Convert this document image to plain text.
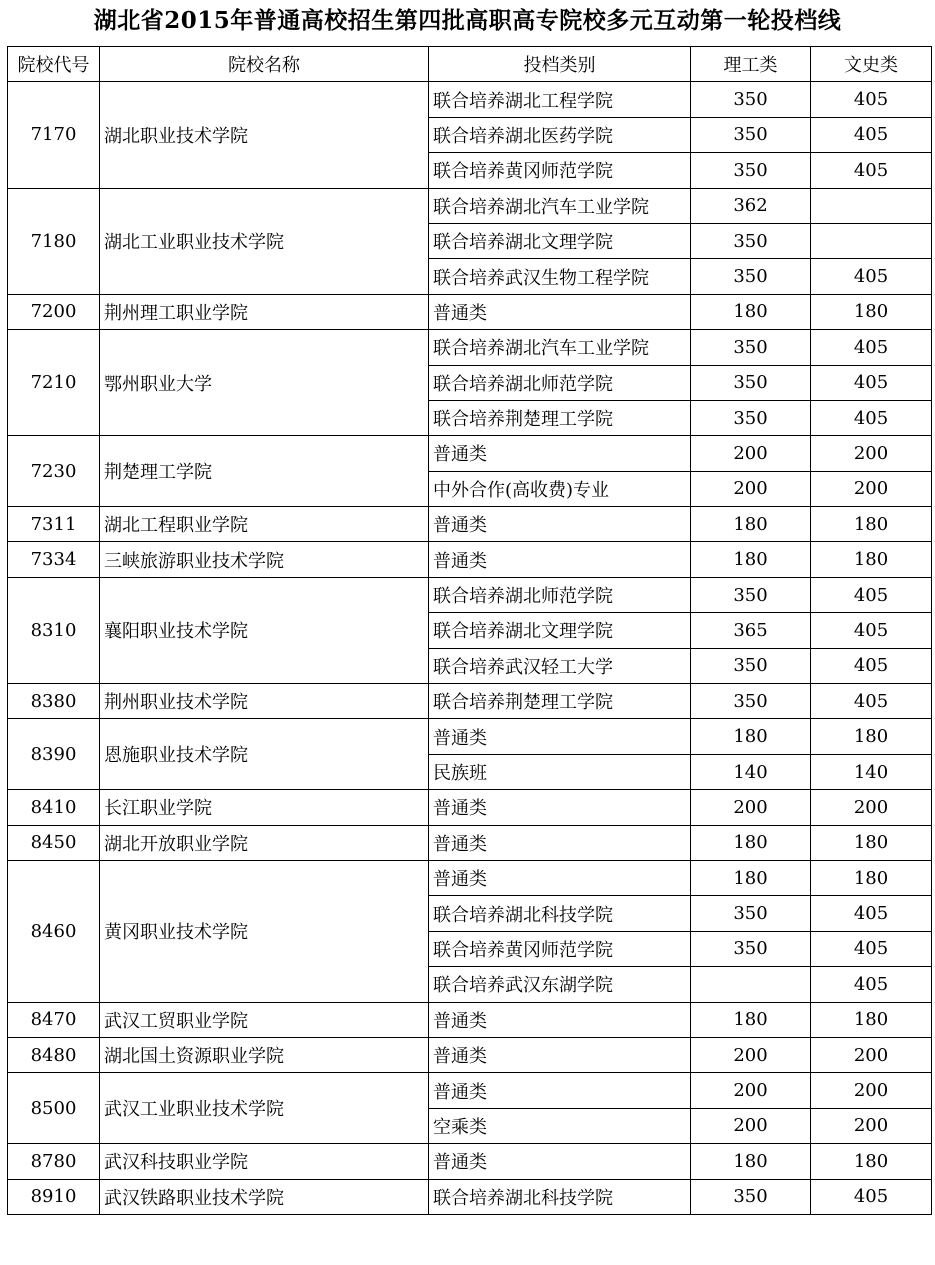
湖北省2015年普通高校招生第四批高职高专院校多元互动第一轮投档线
院校代号	院校名称	投档类别	理工类	文史类
7170	湖北职业技术学院	联合培养湖北工程学院	350	405
		联合培养湖北医药学院	350	405
		联合培养黄冈师范学院	350	405
7180	湖北工业职业技术学院	联合培养湖北汽车工业学院	362	
		联合培养湖北文理学院	350	
		联合培养武汉生物工程学院	350	405
7200	荆州理工职业学院	普通类	180	180
7210	鄂州职业大学	联合培养湖北汽车工业学院	350	405
		联合培养湖北师范学院	350	405
		联合培养荆楚理工学院	350	405
7230	荆楚理工学院	普通类	200	200
		中外合作(高收费)专业	200	200
7311	湖北工程职业学院	普通类	180	180
7334	三峡旅游职业技术学院	普通类	180	180
8310	襄阳职业技术学院	联合培养湖北师范学院	350	405
		联合培养湖北文理学院	365	405
		联合培养武汉轻工大学	350	405
8380	荆州职业技术学院	联合培养荆楚理工学院	350	405
8390	恩施职业技术学院	普通类	180	180
		民族班	140	140
8410	长江职业学院	普通类	200	200
8450	湖北开放职业学院	普通类	180	180
8460	黄冈职业技术学院	普通类	180	180
		联合培养湖北科技学院	350	405
		联合培养黄冈师范学院	350	405
		联合培养武汉东湖学院		405
8470	武汉工贸职业学院	普通类	180	180
8480	湖北国土资源职业学院	普通类	200	200
8500	武汉工业职业技术学院	普通类	200	200
		空乘类	200	200
8780	武汉科技职业学院	普通类	180	180
8910	武汉铁路职业技术学院	联合培养湖北科技学院	350	405
